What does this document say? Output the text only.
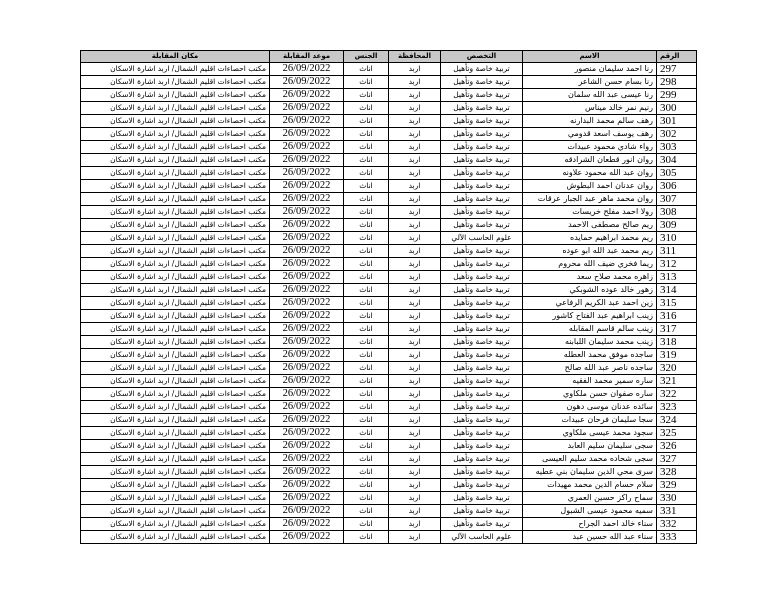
الرقم	الاسم	التخصص	المحافظة	الجنس	موعد المقابلة	مكان المقابلة
297	رنا احمد سليمان منصور	تربية خاصة وتأهيل	اربد	اناث	26/09/2022	مكتب احصاءات اقليم الشمال/ اربد اشارة الاسكان
298	رنا بسام حسن الشاعر	تربية خاصة وتأهيل	اربد	اناث	26/09/2022	مكتب احصاءات اقليم الشمال/ اربد اشارة الاسكان
299	رنا عيسى عبد الله سلمان	تربية خاصة وتأهيل	اربد	اناث	26/09/2022	مكتب احصاءات اقليم الشمال/ اربد اشارة الاسكان
300	رنيم نمر خالد ميناس	تربية خاصة وتأهيل	اربد	اناث	26/09/2022	مكتب احصاءات اقليم الشمال/ اربد اشارة الاسكان
301	رهف سالم محمد البدارنه	تربية خاصة وتأهيل	اربد	اناث	26/09/2022	مكتب احصاءات اقليم الشمال/ اربد اشارة الاسكان
302	رهف يوسف اسعد قدومي	تربية خاصة وتأهيل	اربد	اناث	26/09/2022	مكتب احصاءات اقليم الشمال/ اربد اشارة الاسكان
303	رواء شادي محمود عبيدات	تربية خاصة وتأهيل	اربد	اناث	26/09/2022	مكتب احصاءات اقليم الشمال/ اربد اشارة الاسكان
304	روان انور قطعان الشرادقه	تربية خاصة وتأهيل	اربد	اناث	26/09/2022	مكتب احصاءات اقليم الشمال/ اربد اشارة الاسكان
305	روان عبد الله محمود علاونه	تربية خاصة وتأهيل	اربد	اناث	26/09/2022	مكتب احصاءات اقليم الشمال/ اربد اشارة الاسكان
306	روان عدنان احمد البطوش	تربية خاصة وتأهيل	اربد	اناث	26/09/2022	مكتب احصاءات اقليم الشمال/ اربد اشارة الاسكان
307	روان محمد ماهر عبد الجبار عرقات	تربية خاصة وتأهيل	اربد	اناث	26/09/2022	مكتب احصاءات اقليم الشمال/ اربد اشارة الاسكان
308	رولا احمد مفلح خريسات	تربية خاصة وتأهيل	اربد	اناث	26/09/2022	مكتب احصاءات اقليم الشمال/ اربد اشارة الاسكان
309	ريم صالح مصطفى الاحمد	تربية خاصة وتأهيل	اربد	اناث	26/09/2022	مكتب احصاءات اقليم الشمال/ اربد اشارة الاسكان
310	ريم محمد ابراهيم حمايده	علوم الحاسب الآلي	اربد	اناث	26/09/2022	مكتب احصاءات اقليم الشمال/ اربد اشارة الاسكان
311	ريم محمد عبد الله ابو عوده	تربية خاصة وتأهيل	اربد	اناث	26/09/2022	مكتب احصاءات اقليم الشمال/ اربد اشارة الاسكان
312	ريما فخري ضيف الله محروم	تربية خاصة وتأهيل	اربد	اناث	26/09/2022	مكتب احصاءات اقليم الشمال/ اربد اشارة الاسكان
313	زاهره محمد صلاح سعد	تربية خاصة وتأهيل	اربد	اناث	26/09/2022	مكتب احصاءات اقليم الشمال/ اربد اشارة الاسكان
314	زهور خالد عوده الشوبكي	تربية خاصة وتأهيل	اربد	اناث	26/09/2022	مكتب احصاءات اقليم الشمال/ اربد اشارة الاسكان
315	زين احمد عبد الكريم الرفاعي	تربية خاصة وتأهيل	اربد	اناث	26/09/2022	مكتب احصاءات اقليم الشمال/ اربد اشارة الاسكان
316	زينب ابراهيم عبد الفتاح كاشور	تربية خاصة وتأهيل	اربد	اناث	26/09/2022	مكتب احصاءات اقليم الشمال/ اربد اشارة الاسكان
317	زينب سالم قاسم المقابله	تربية خاصة وتأهيل	اربد	اناث	26/09/2022	مكتب احصاءات اقليم الشمال/ اربد اشارة الاسكان
318	زينب محمد سليمان اللبابنه	تربية خاصة وتأهيل	اربد	اناث	26/09/2022	مكتب احصاءات اقليم الشمال/ اربد اشارة الاسكان
319	ساجده موفق محمد العطله	تربية خاصة وتأهيل	اربد	اناث	26/09/2022	مكتب احصاءات اقليم الشمال/ اربد اشارة الاسكان
320	ساجده ناصر عبد الله صالح	تربية خاصة وتأهيل	اربد	اناث	26/09/2022	مكتب احصاءات اقليم الشمال/ اربد اشارة الاسكان
321	ساره سمير محمد الفقيه	تربية خاصة وتأهيل	اربد	اناث	26/09/2022	مكتب احصاءات اقليم الشمال/ اربد اشارة الاسكان
322	ساره صفوان حسن ملكاوي	تربية خاصة وتأهيل	اربد	اناث	26/09/2022	مكتب احصاءات اقليم الشمال/ اربد اشارة الاسكان
323	سائده عدنان موسى دهون	تربية خاصة وتأهيل	اربد	اناث	26/09/2022	مكتب احصاءات اقليم الشمال/ اربد اشارة الاسكان
324	سجا سليمان فرحان عبيدات	تربية خاصة وتأهيل	اربد	اناث	26/09/2022	مكتب احصاءات اقليم الشمال/ اربد اشارة الاسكان
325	سجود محمد عيسى ملكاوي	تربية خاصة وتأهيل	اربد	اناث	26/09/2022	مكتب احصاءات اقليم الشمال/ اربد اشارة الاسكان
326	سجى سليمان سليم العابد	تربية خاصة وتأهيل	اربد	اناث	26/09/2022	مكتب احصاءات اقليم الشمال/ اربد اشارة الاسكان
327	سجى شحاده محمد سليم العيسى	تربية خاصة وتأهيل	اربد	اناث	26/09/2022	مكتب احصاءات اقليم الشمال/ اربد اشارة الاسكان
328	سرى محي الدين سليمان بني عطيه	تربية خاصة وتأهيل	اربد	اناث	26/09/2022	مكتب احصاءات اقليم الشمال/ اربد اشارة الاسكان
329	سلام حسام الدين محمد مهيدات	تربية خاصة وتأهيل	اربد	اناث	26/09/2022	مكتب احصاءات اقليم الشمال/ اربد اشارة الاسكان
330	سماح راكز حسين العمري	تربية خاصة وتأهيل	اربد	اناث	26/09/2022	مكتب احصاءات اقليم الشمال/ اربد اشارة الاسكان
331	سميه محمود عيسى الشبول	تربية خاصة وتأهيل	اربد	اناث	26/09/2022	مكتب احصاءات اقليم الشمال/ اربد اشارة الاسكان
332	سناء خالد احمد الجراح	تربية خاصة وتأهيل	اربد	اناث	26/09/2022	مكتب احصاءات اقليم الشمال/ اربد اشارة الاسكان
333	سناء عبد الله حسين عبد	علوم الحاسب الآلي	اربد	اناث	26/09/2022	مكتب احصاءات اقليم الشمال/ اربد اشارة الاسكان
